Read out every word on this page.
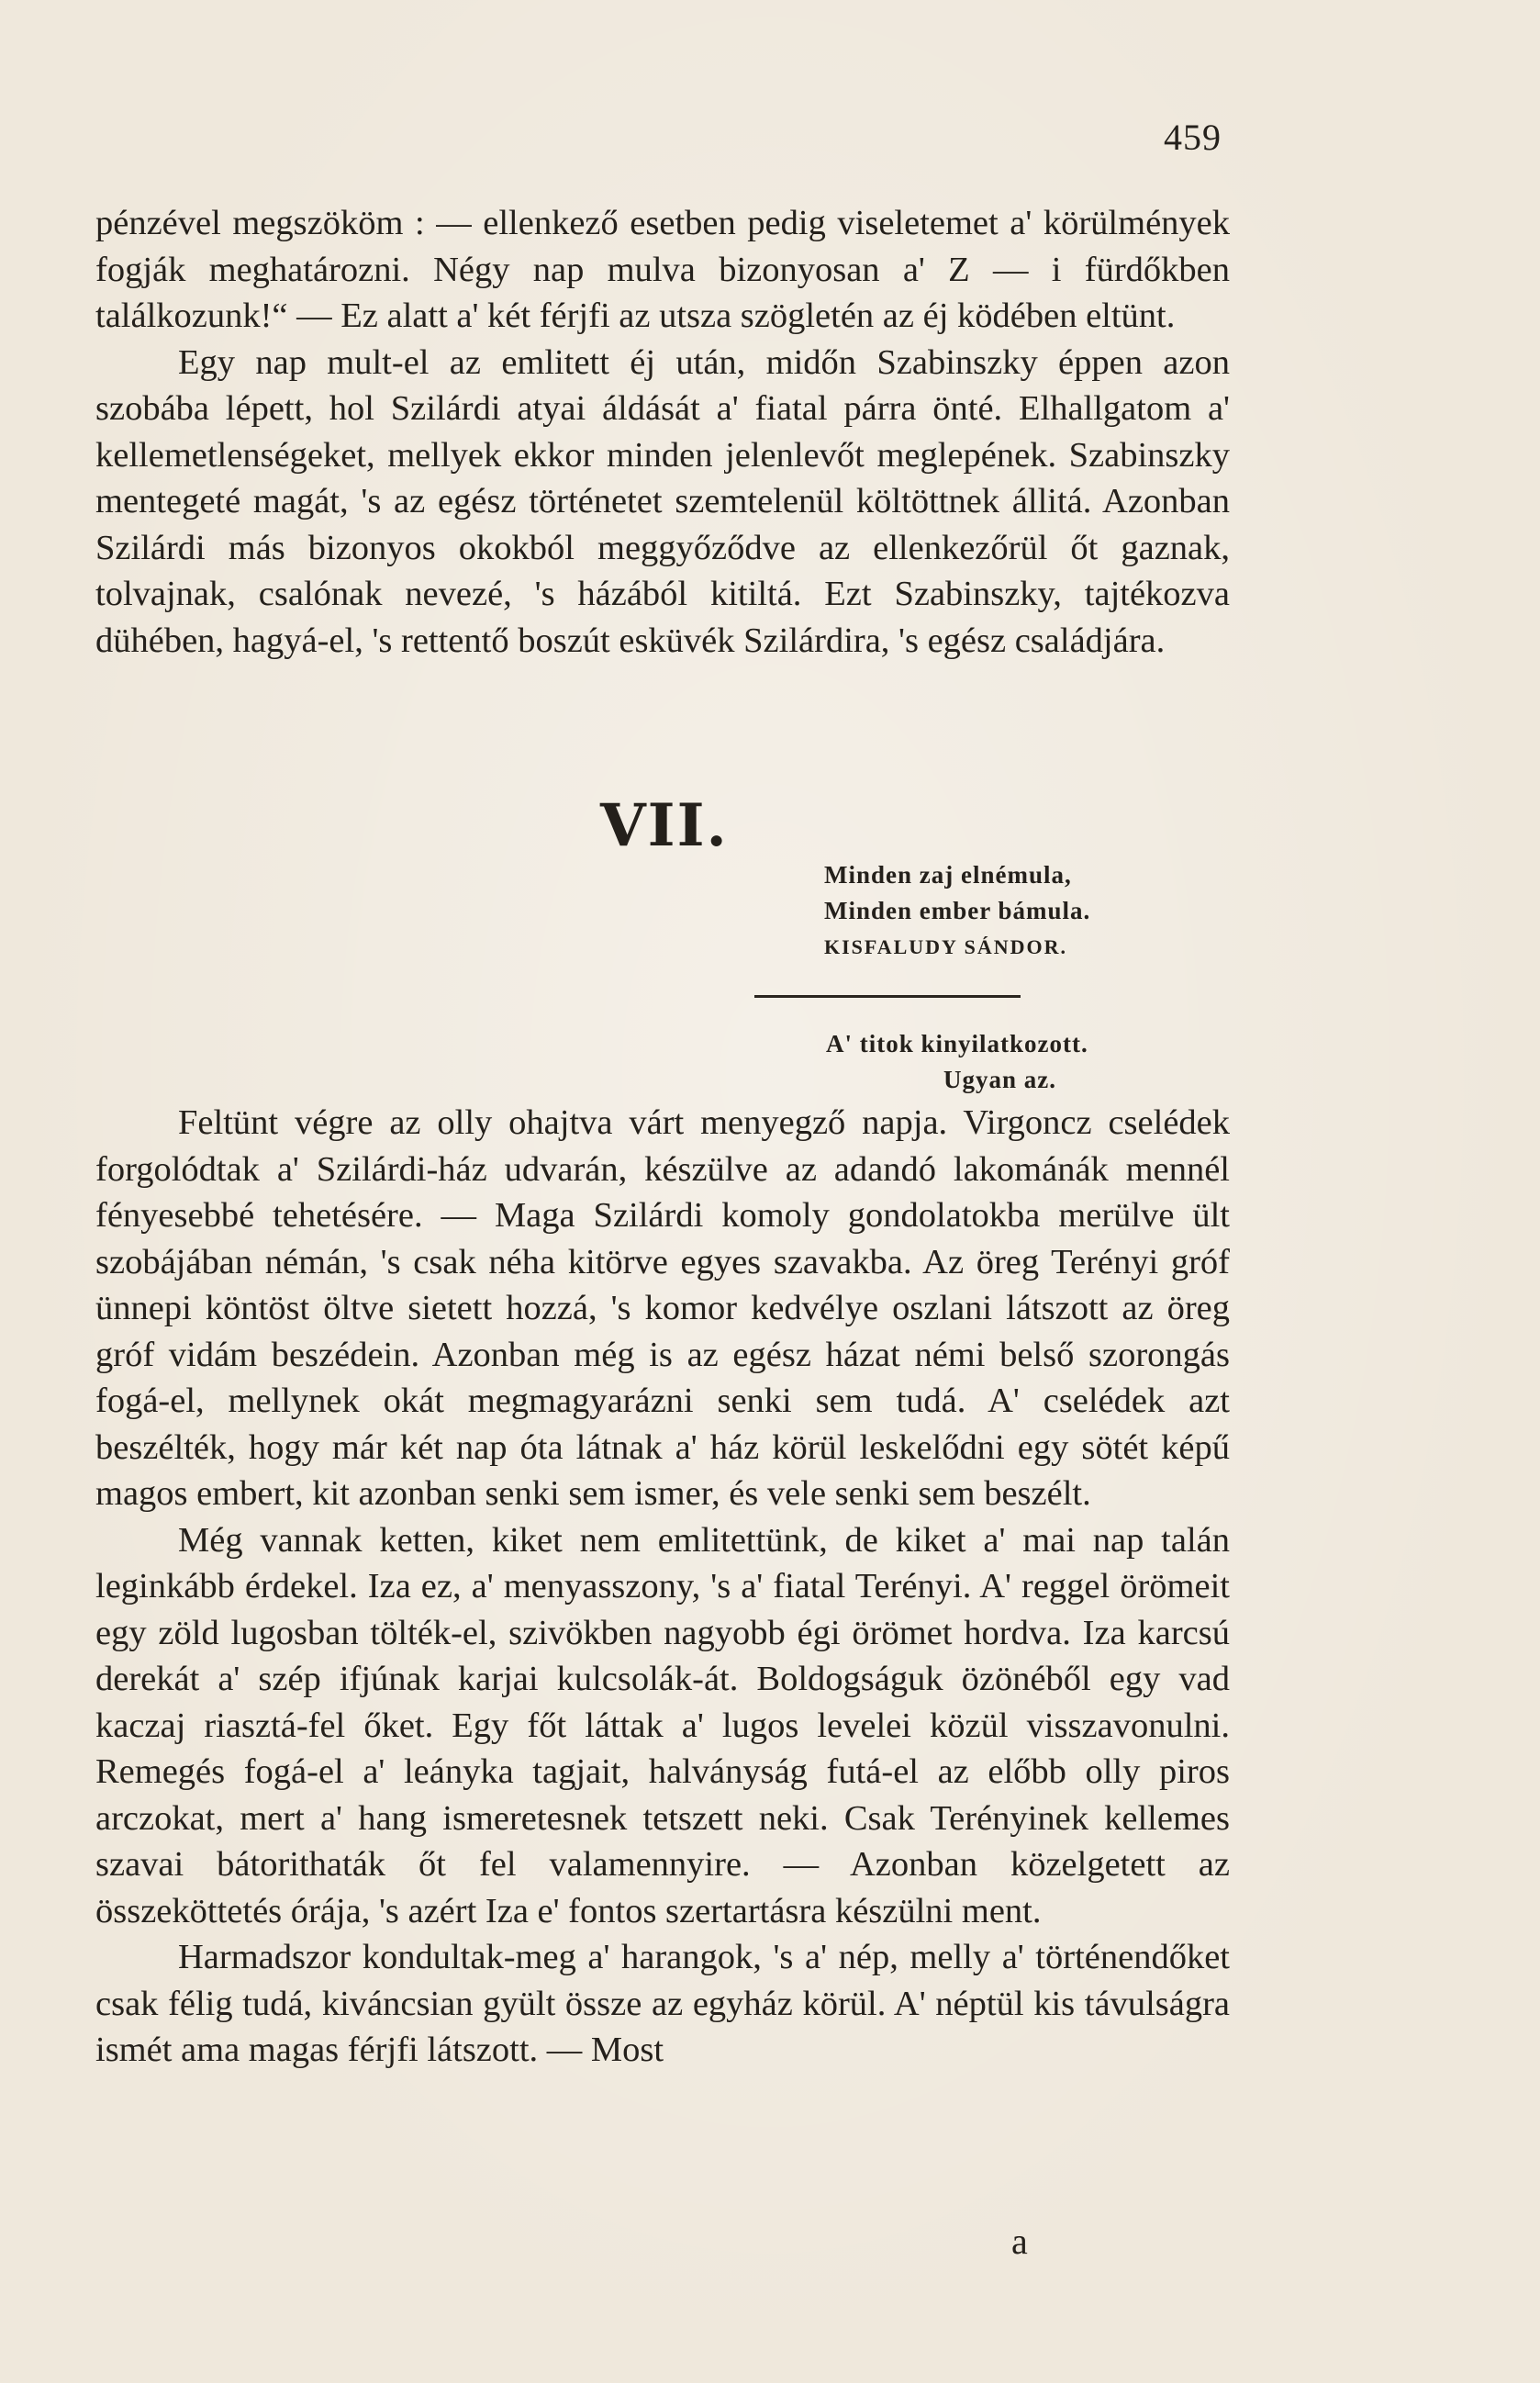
459

pénzével megszököm : — ellenkező esetben pedig viseletemet a' körülmények fogják meghatározni. Négy nap mulva bizonyosan a' Z — i fürdőkben találkozunk!“ — Ez alatt a' két férjfi az utsza szögletén az éj ködében eltünt.

Egy nap mult-el az emlitett éj után, midőn Szabinszky éppen azon szobába lépett, hol Szilárdi atyai áldását a' fiatal párra önté. Elhallgatom a' kellemetlenségeket, mellyek ekkor minden jelenlevőt meglepének. Szabinszky mentegeté magát, 's az egész történetet szemtelenül költöttnek állitá. Azonban Szilárdi más bizonyos okokból meggyőződve az ellenkezőrül őt gaznak, tolvajnak, csalónak nevezé, 's házából kitiltá. Ezt Szabinszky, tajtékozva dühében, hagyá-el, 's rettentő boszút esküvék Szilárdira, 's egész családjára.

VII.
Minden zaj elnémula,
Minden ember bámula.
KISFALUDY SÁNDOR.
A' titok kinyilatkozott.
Ugyan az.

Feltünt végre az olly ohajtva várt menyegző napja. Virgoncz cselédek forgolódtak a' Szilárdi-ház udvarán, készülve az adandó lakománák mennél fényesebbé tehetésére. — Maga Szilárdi komoly gondolatokba merülve ült szobájában némán, 's csak néha kitörve egyes szavakba. Az öreg Terényi gróf ünnepi köntöst öltve sietett hozzá, 's komor kedvélye oszlani látszott az öreg gróf vidám beszédein. Azonban még is az egész házat némi belső szorongás fogá-el, mellynek okát megmagyarázni senki sem tudá. A' cselédek azt beszélték, hogy már két nap óta látnak a' ház körül leskelődni egy sötét képű magos embert, kit azonban senki sem ismer, és vele senki sem beszélt.

Még vannak ketten, kiket nem emlitettünk, de kiket a' mai nap talán leginkább érdekel. Iza ez, a' menyasszony, 's a' fiatal Terényi. A' reggel örömeit egy zöld lugosban tölték-el, szivökben nagyobb égi örömet hordva. Iza karcsú derekát a' szép ifjúnak karjai kulcsolák-át. Boldogságuk özönéből egy vad kaczaj riasztá-fel őket. Egy főt láttak a' lugos levelei közül visszavonulni. Remegés fogá-el a' leányka tagjait, halványság futá-el az előbb olly piros arczokat, mert a' hang ismeretesnek tetszett neki. Csak Terényinek kellemes szavai bátorithaták őt fel valamennyire. — Azonban közelgetett az összeköttetés órája, 's azért Iza e' fontos szertartásra készülni ment.

Harmadszor kondultak-meg a' harangok, 's a' nép, melly a' történendőket csak félig tudá, kiváncsian gyült össze az egyház körül. A' néptül kis távulságra ismét ama magas férjfi látszott. — Most

a
